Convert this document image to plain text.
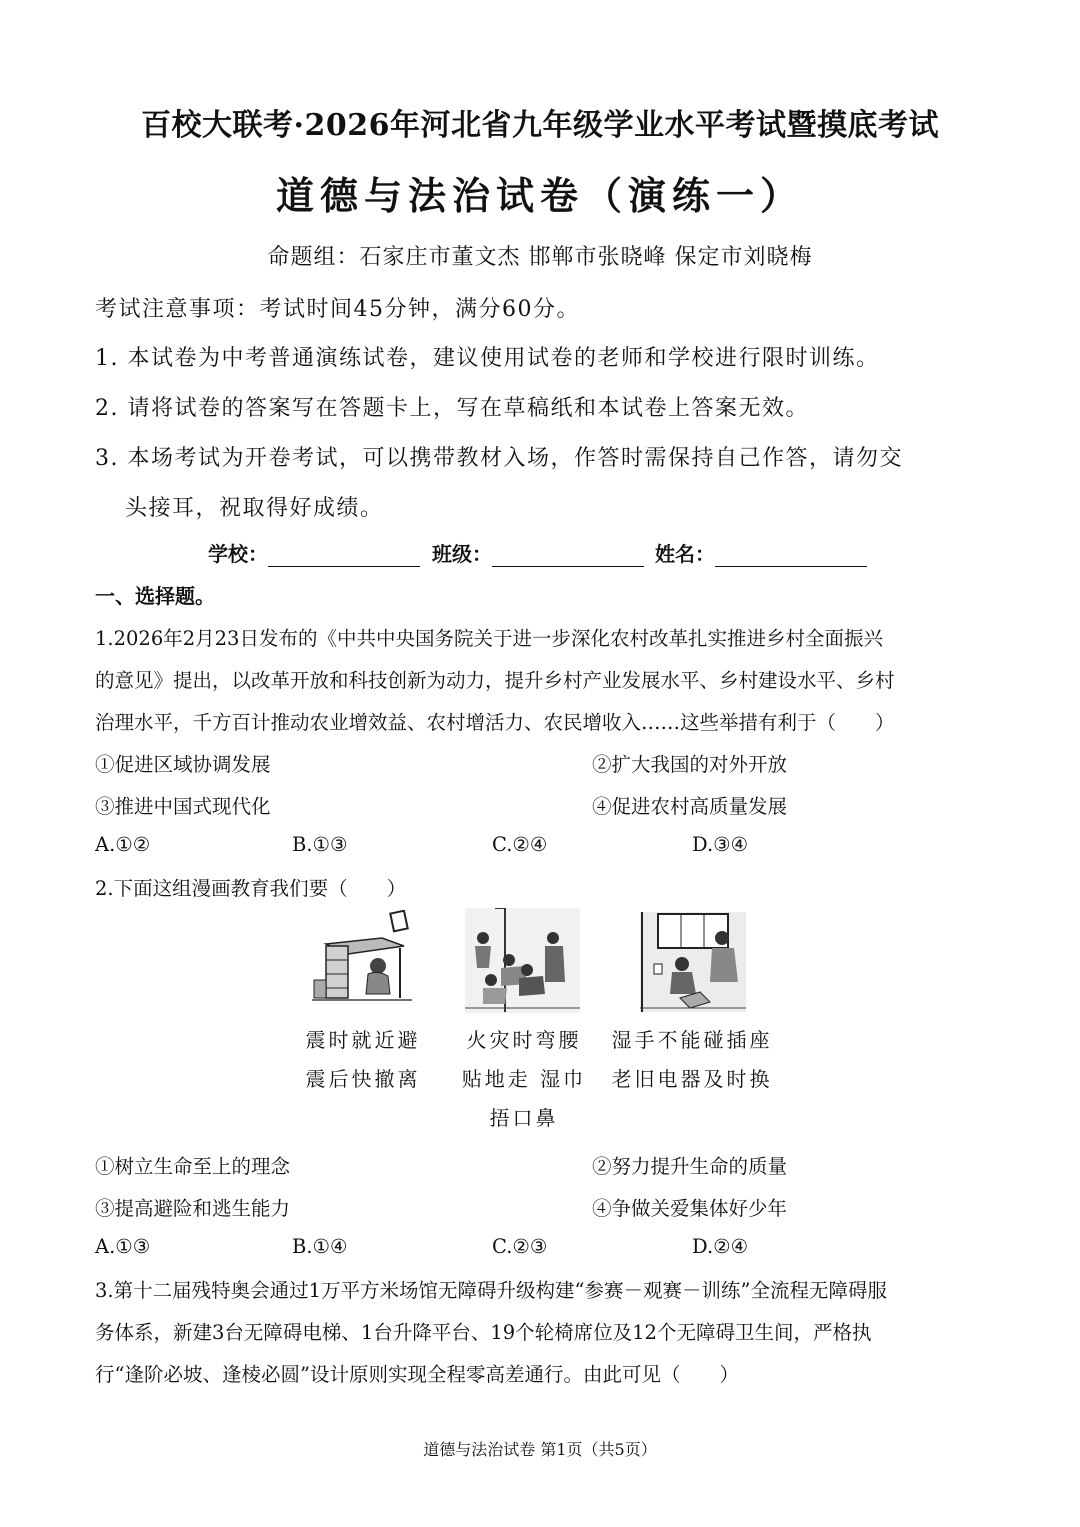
百校大联考·2026年河北省九年级学业水平考试暨摸底考试
道德与法治试卷（演练一）
命题组：石家庄市董文杰 邯郸市张晓峰 保定市刘晓梅
考试注意事项：考试时间45分钟，满分60分。
1. 本试卷为中考普通演练试卷，建议使用试卷的老师和学校进行限时训练。
2. 请将试卷的答案写在答题卡上，写在草稿纸和本试卷上答案无效。
3. 本场考试为开卷考试，可以携带教材入场，作答时需保持自己作答，请勿交
头接耳，祝取得好成绩。
学校：	班级：	姓名：
一、选择题。
1.2026年2月23日发布的《中共中央国务院关于进一步深化农村改革扎实推进乡村全面振兴
的意见》提出，以改革开放和科技创新为动力，提升乡村产业发展水平、乡村建设水平、乡村
治理水平，千方百计推动农业增效益、农村增活力、农民增收入……这些举措有利于（　　）
①促进区域协调发展	②扩大我国的对外开放
③推进中国式现代化	④促进农村高质量发展
A.①②	B.①③	C.②④	D.③④
2.下面这组漫画教育我们要（　　）
震时就近避
震后快撤离
火灾时弯腰
贴地走 湿巾
捂口鼻
湿手不能碰插座
老旧电器及时换
①树立生命至上的理念	②努力提升生命的质量
③提高避险和逃生能力	④争做关爱集体好少年
A.①③	B.①④	C.②③	D.②④
3.第十二届残特奥会通过1万平方米场馆无障碍升级构建“参赛－观赛－训练”全流程无障碍服
务体系，新建3台无障碍电梯、1台升降平台、19个轮椅席位及12个无障碍卫生间，严格执
行“逢阶必坡、逢棱必圆”设计原则实现全程零高差通行。由此可见（　　）
道德与法治试卷 第1页（共5页）
